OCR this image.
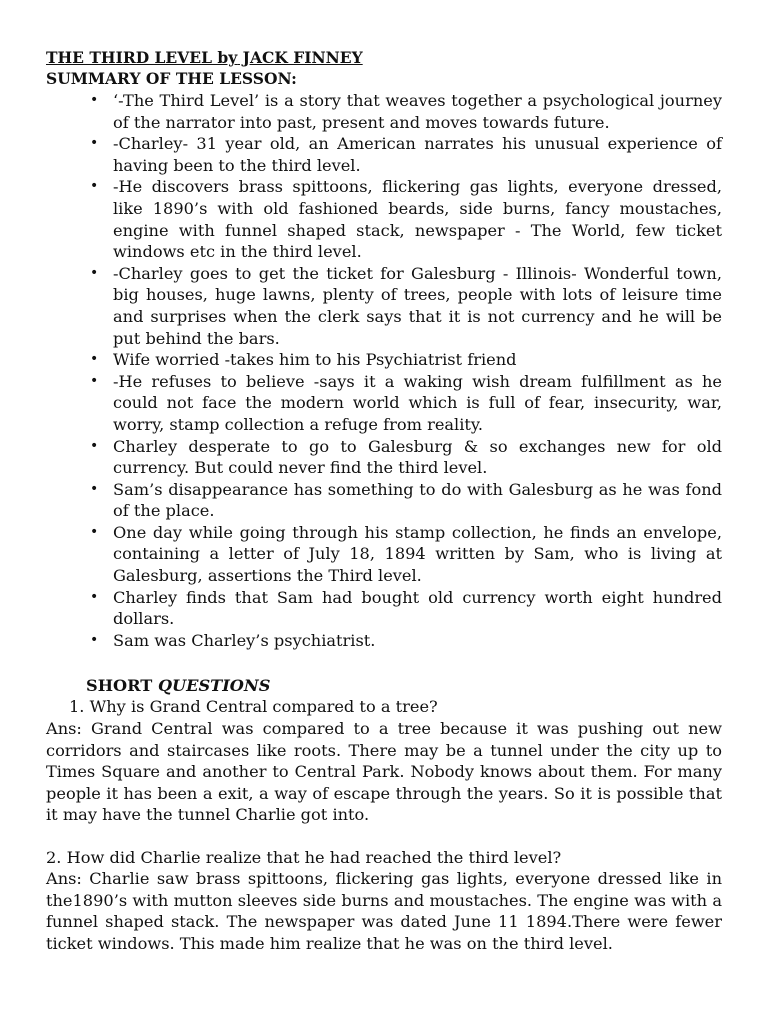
THE THIRD LEVEL by JACK FINNEY
SUMMARY OF THE LESSON:
• ‘-The Third Level’ is a story that weaves together a psychological journey of the narrator into past, present and moves towards future.
• -Charley- 31 year old, an American narrates his unusual experience of having been to the third level.
• -He discovers brass spittoons, flickering gas lights, everyone dressed, like 1890’s with old fashioned beards, side burns, fancy moustaches, engine with funnel shaped stack, newspaper - The World, few ticket windows etc in the third level.
• -Charley goes to get the ticket for Galesburg - Illinois- Wonderful town, big houses, huge lawns, plenty of trees, people with lots of leisure time and surprises when the clerk says that it is not currency and he will be put behind the bars.
• Wife worried -takes him to his Psychiatrist friend
• -He refuses to believe -says it a waking wish dream fulfillment as he could not face the modern world which is full of fear, insecurity, war, worry, stamp collection a refuge from reality.
• Charley desperate to go to Galesburg & so exchanges new for old currency. But could never find the third level.
• Sam’s disappearance has something to do with Galesburg as he was fond of the place.
• One day while going through his stamp collection, he finds an envelope, containing a letter of July 18, 1894 written by Sam, who is living at Galesburg, assertions the Third level.
• Charley finds that Sam had bought old currency worth eight hundred dollars.
• Sam was Charley’s psychiatrist.
SHORT QUESTIONS
1. Why is Grand Central compared to a tree?

Ans: Grand Central was compared to a tree because it was pushing out new corridors and staircases like roots. There may be a tunnel under the city up to Times Square and another to Central Park. Nobody knows about them. For many people it has been a exit, a way of escape through the years. So it is possible that it may have the tunnel Charlie got into.

2. How did Charlie realize that he had reached the third level?

Ans: Charlie saw brass spittoons, flickering gas lights, everyone dressed like in the1890’s with mutton sleeves side burns and moustaches. The engine was with a funnel shaped stack. The newspaper was dated June 11 1894.There were fewer ticket windows. This made him realize that he was on the third level.
